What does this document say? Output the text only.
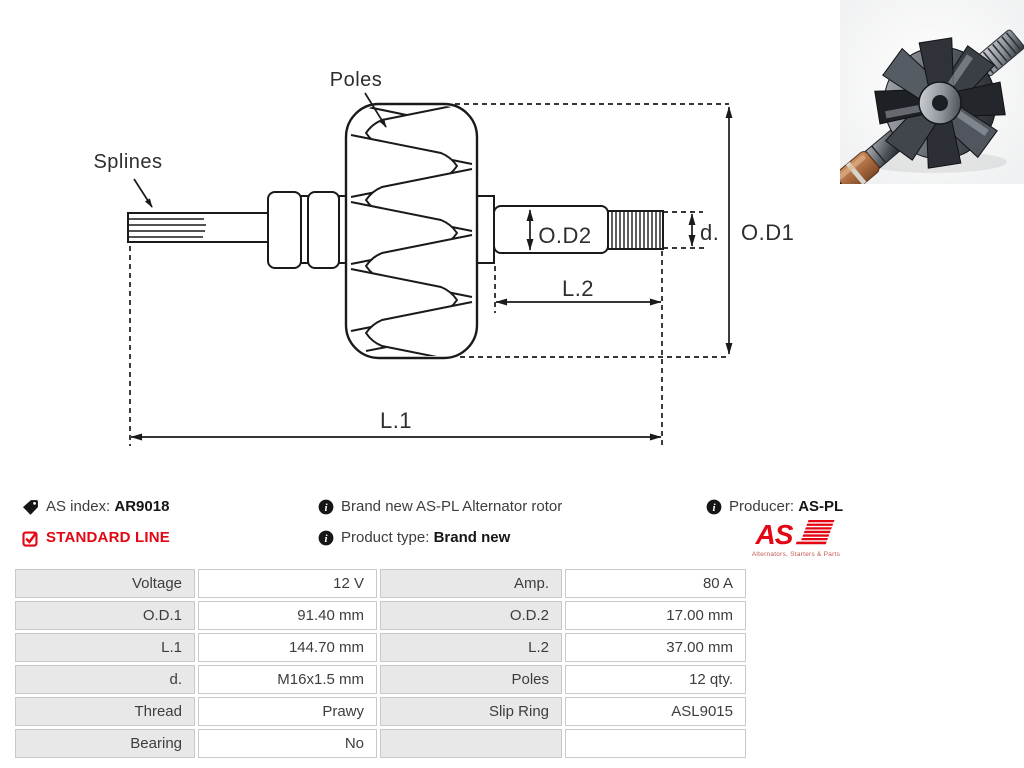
Poles
Splines
O.D2	d. O.D1
L.2
L.1
AS index: AR9018
STANDARD LINE
i Brand new AS-PL Alternator rotor
i Product type: Brand new
i Producer: AS-PL
AS
Alternators, Starters & Parts
Voltage	12 V	Amp.	80 A
O.D.1	91.40 mm	O.D.2	17.00 mm
L.1	144.70 mm	L.2	37.00 mm
d.	M16x1.5 mm	Poles	12 qty.
Thread	Prawy	Slip Ring	ASL9015
Bearing	No		
